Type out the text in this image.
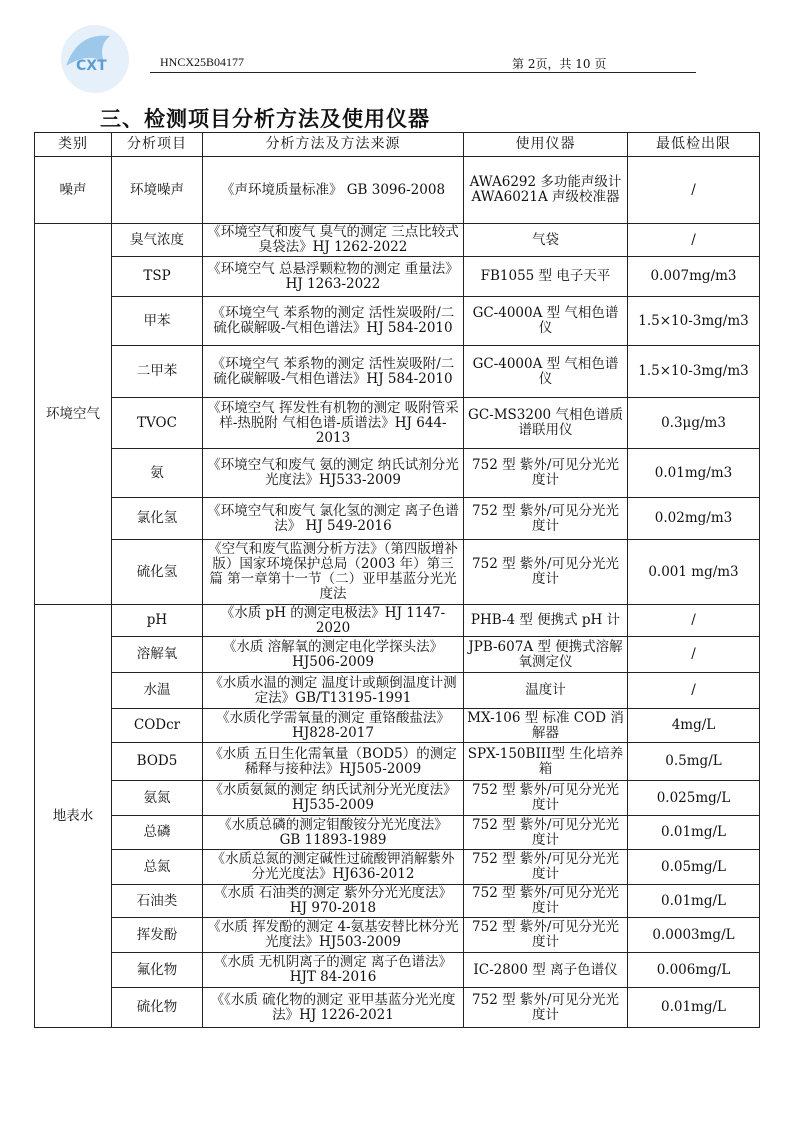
CXT	HNCX25B04177	第 2页，共 10 页
三、检测项目分析方法及使用仪器
类别	分析项目	分析方法及方法来源	使用仪器	最低检出限
噪声	环境噪声	《声环境质量标准》 GB 3096-2008	AWA6292 多功能声级计 AWA6021A 声级校准器	/
环境空气	臭气浓度	《环境空气和废气 臭气的测定 三点比较式臭袋法》HJ 1262-2022	气袋	/
	TSP	《环境空气 总悬浮颗粒物的测定 重量法》HJ 1263-2022	FB1055 型 电子天平	0.007mg/m3
	甲苯	《环境空气 苯系物的测定 活性炭吸附/二硫化碳解吸-气相色谱法》HJ 584-2010	GC-4000A 型 气相色谱仪	1.5×10-3mg/m3
	二甲苯	《环境空气 苯系物的测定 活性炭吸附/二硫化碳解吸-气相色谱法》HJ 584-2010	GC-4000A 型 气相色谱仪	1.5×10-3mg/m3
	TVOC	《环境空气 挥发性有机物的测定 吸附管采样-热脱附 气相色谱-质谱法》HJ 644-2013	GC-MS3200 气相色谱质谱联用仪	0.3μg/m3
	氨	《环境空气和废气 氨的测定 纳氏试剂分光光度法》HJ533-2009	752 型 紫外/可见分光光度计	0.01mg/m3
	氯化氢	《环境空气和废气 氯化氢的测定 离子色谱法》 HJ 549-2016	752 型 紫外/可见分光光度计	0.02mg/m3
	硫化氢	《空气和废气监测分析方法》（第四版增补版）国家环境保护总局（2003 年）第三篇 第一章第十一节（二）亚甲基蓝分光光度法	752 型 紫外/可见分光光度计	0.001 mg/m3
地表水	pH	《水质 pH 的测定电极法》HJ 1147-2020	PHB-4 型 便携式 pH 计	/
	溶解氧	《水质 溶解氧的测定电化学探头法》HJ506-2009	JPB-607A 型 便携式溶解氧测定仪	/
	水温	《水质水温的测定 温度计或颠倒温度计测定法》GB/T13195-1991	温度计	/
	CODcr	《水质化学需氧量的测定 重铬酸盐法》HJ828-2017	MX-106 型 标准 COD 消解器	4mg/L
	BOD5	《水质 五日生化需氧量（BOD5）的测定稀释与接种法》HJ505-2009	SPX-150BIII型 生化培养箱	0.5mg/L
	氨氮	《水质氨氮的测定 纳氏试剂分光光度法》HJ535-2009	752 型 紫外/可见分光光度计	0.025mg/L
	总磷	《水质总磷的测定钼酸铵分光光度法》 GB 11893-1989	752 型 紫外/可见分光光度计	0.01mg/L
	总氮	《水质总氮的测定碱性过硫酸钾消解紫外分光光度法》HJ636-2012	752 型 紫外/可见分光光度计	0.05mg/L
	石油类	《水质 石油类的测定 紫外分光光度法》HJ 970-2018	752 型 紫外/可见分光光度计	0.01mg/L
	挥发酚	《水质 挥发酚的测定 4-氨基安替比林分光光度法》HJ503-2009	752 型 紫外/可见分光光度计	0.0003mg/L
	氟化物	《水质 无机阴离子的测定 离子色谱法》 HJT 84-2016	IC-2800 型 离子色谱仪	0.006mg/L
	硫化物	《《水质 硫化物的测定 亚甲基蓝分光光度法》HJ 1226-2021	752 型 紫外/可见分光光度计	0.01mg/L
